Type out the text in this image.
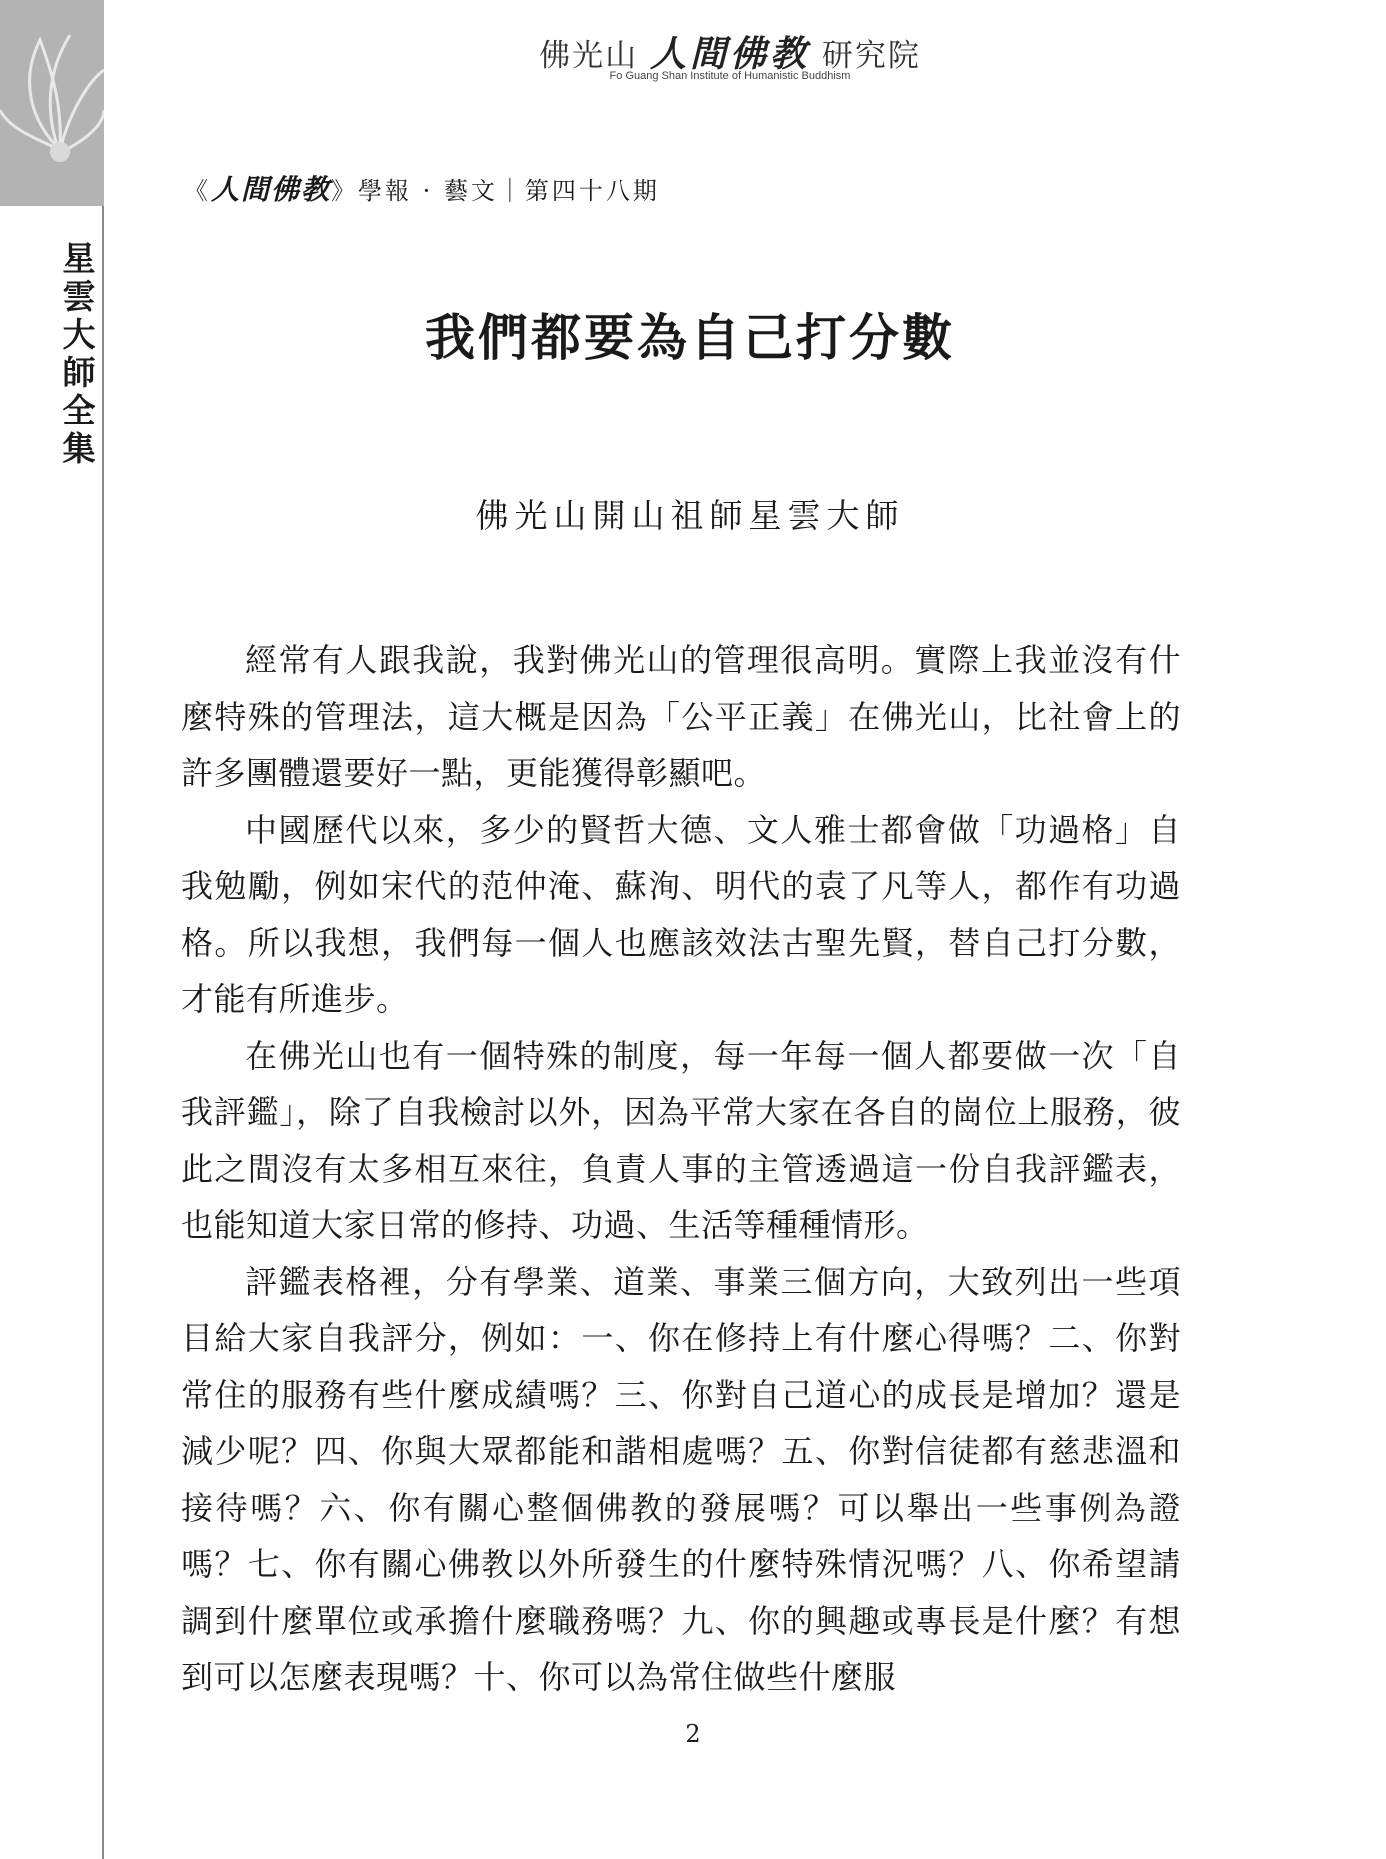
星
雲
大
師
全
集
佛光山 人間佛教 研究院
Fo Guang Shan Institute of Humanistic Buddhism
《人間佛教》學報 · 藝文｜第四十八期
我們都要為自己打分數
佛光山開山祖師星雲大師

經常有人跟我說，我對佛光山的管理很高明。實際上我並沒有什麼特殊的管理法，這大概是因為「公平正義」在佛光山，比社會上的許多團體還要好一點，更能獲得彰顯吧。

中國歷代以來，多少的賢哲大德、文人雅士都會做「功過格」自我勉勵，例如宋代的范仲淹、蘇洵、明代的袁了凡等人，都作有功過格。所以我想，我們每一個人也應該效法古聖先賢，替自己打分數，才能有所進步。

在佛光山也有一個特殊的制度，每一年每一個人都要做一次「自我評鑑」，除了自我檢討以外，因為平常大家在各自的崗位上服務，彼此之間沒有太多相互來往，負責人事的主管透過這一份自我評鑑表，也能知道大家日常的修持、功過、生活等種種情形。

評鑑表格裡，分有學業、道業、事業三個方向，大致列出一些項目給大家自我評分，例如：一、你在修持上有什麼心得嗎？二、你對常住的服務有些什麼成績嗎？三、你對自己道心的成長是增加？還是減少呢？四、你與大眾都能和諧相處嗎？五、你對信徒都有慈悲溫和接待嗎？六、你有關心整個佛教的發展嗎？可以舉出一些事例為證嗎？七、你有關心佛教以外所發生的什麼特殊情況嗎？八、你希望請調到什麼單位或承擔什麼職務嗎？九、你的興趣或專長是什麼？有想到可以怎麼表現嗎？十、你可以為常住做些什麼服

2
